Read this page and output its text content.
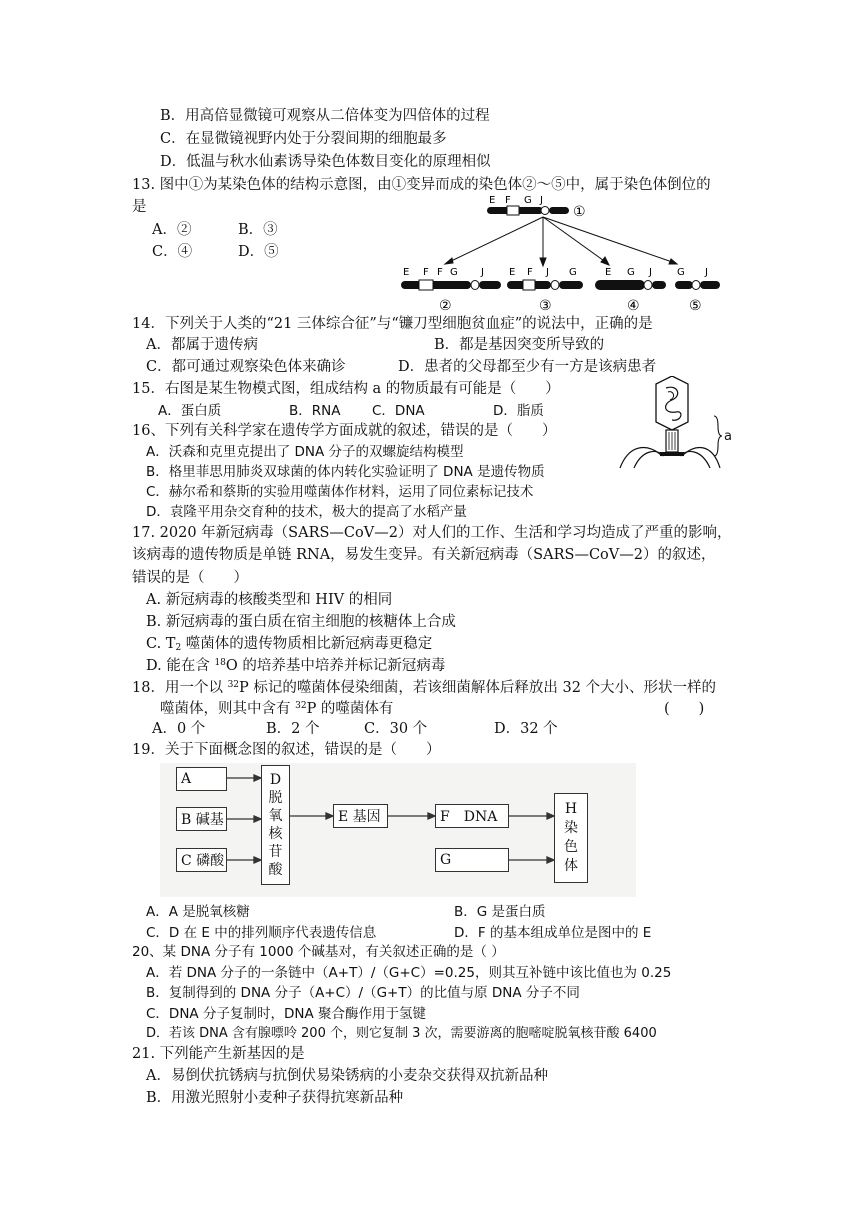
B．用高倍显微镜可观察从二倍体变为四倍体的过程
C．在显微镜视野内处于分裂间期的细胞最多
D．低温与秋水仙素诱导染色体数目变化的原理相似
13. 图中①为某染色体的结构示意图，由①变异而成的染色体②～⑤中，属于染色体倒位的
是
A．②	B．③
C．④	D．⑤
E F G J
①
E F F G J
②
E F J G
③
E G J
④
G J
⑤
14．下列关于人类的“21 三体综合征”与“镰刀型细胞贫血症”的说法中，正确的是
A．都属于遗传病	B．都是基因突变所导致的
C．都可通过观察染色体来确诊	D．患者的父母都至少有一方是该病患者
15．右图是某生物模式图，组成结构 a 的物质最有可能是（　　）
A．蛋白质	B．RNA C．DNA	D．脂质
a
16、下列有关科学家在遗传学方面成就的叙述，错误的是（　　）
A．沃森和克里克提出了 DNA 分子的双螺旋结构模型
B．格里菲思用肺炎双球菌的体内转化实验证明了 DNA 是遗传物质
C．赫尔希和蔡斯的实验用噬菌体作材料，运用了同位素标记技术
D．袁隆平用杂交育种的技术，极大的提高了水稻产量
17. 2020 年新冠病毒（SARS—CoV—2）对人们的工作、生活和学习均造成了严重的影响，
该病毒的遗传物质是单链 RNA，易发生变异。有关新冠病毒（SARS—CoV—2）的叙述，
错误的是（　　）
A. 新冠病毒的核酸类型和 HIV 的相同
B. 新冠病毒的蛋白质在宿主细胞的核糖体上合成
C. $T_2$ 噬菌体的遗传物质相比新冠病毒更稳定
D. 能在含 $^{18}$O 的培养基中培养并标记新冠病毒
18．用一个以 $^{32}$P 标记的噬菌体侵染细菌，若该细菌解体后释放出 32 个大小、形状一样的
噬菌体，则其中含有 $^{32}$P 的噬菌体有	(　　)
A．0 个	B．2 个	C．30 个	D．32 个
19．关于下面概念图的叙述，错误的是（　　）
A
B 碱基
C 磷酸
D
脱
氧
核
苷
酸
E 基因	F　DNA
G
H
染
色
体
A．A 是脱氧核糖	B．G 是蛋白质
C．D 在 E 中的排列顺序代表遗传信息	D．F 的基本组成单位是图中的 E
20、某 DNA 分子有 1000 个碱基对，有关叙述正确的是（ ）
A．若 DNA 分子的一条链中（A+T）/（G+C）=0.25，则其互补链中该比值也为 0.25
B．复制得到的 DNA 分子（A+C）/（G+T）的比值与原 DNA 分子不同
C．DNA 分子复制时，DNA 聚合酶作用于氢键
D．若该 DNA 含有腺嘌呤 200 个，则它复制 3 次，需要游离的胞嘧啶脱氧核苷酸 6400
21. 下列能产生新基因的是
A．易倒伏抗锈病与抗倒伏易染锈病的小麦杂交获得双抗新品种
B．用激光照射小麦种子获得抗寒新品种
